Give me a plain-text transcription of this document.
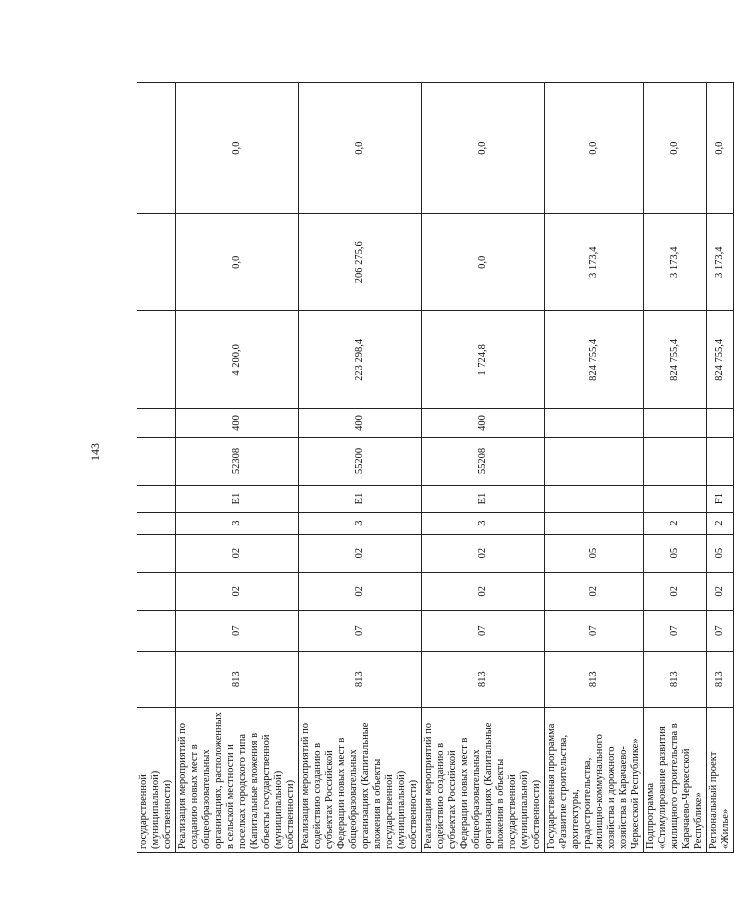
143
государственной (муниципальной) собственности)											
Реализация мероприятий по созданию новых мест в общеобразовательных организациях, расположенных в сельской местности и поселках городского типа (Капитальные вложения в объекты государственной (муниципальной) собственности)	813	07	02	02	3	Е1	52308	400	4 200,0	0,0	0,0
Реализация мероприятий по содействию созданию в субъектах Российской Федерации новых мест в общеобразовательных организациях (Капитальные вложения в объекты государственной (муниципальной) собственности)	813	07	02	02	3	Е1	55200	400	223 298,4	206 275,6	0,0
Реализация мероприятий по содействию созданию в субъектах Российской Федерации новых мест в общеобразовательных организациях (Капитальные вложения в объекты государственной (муниципальной) собственности)	813	07	02	02	3	Е1	55208	400	1 724,8	0,0	0,0
Государственная программа «Развитие строительства, архитектуры, градостроительства, жилищно-коммунального хозяйства и дорожного хозяйства в Карачаево-Черкесской Республике»	813	07	02	05					824 755,4	3 173,4	0,0
Подпрограмма «Стимулирование развития жилищного строительства в Карачаево-Черкесской Республике»	813	07	02	05	2				824 755,4	3 173,4	0,0
Региональный проект «Жилье»	813	07	02	05	2	F1			824 755,4	3 173,4	0,0
